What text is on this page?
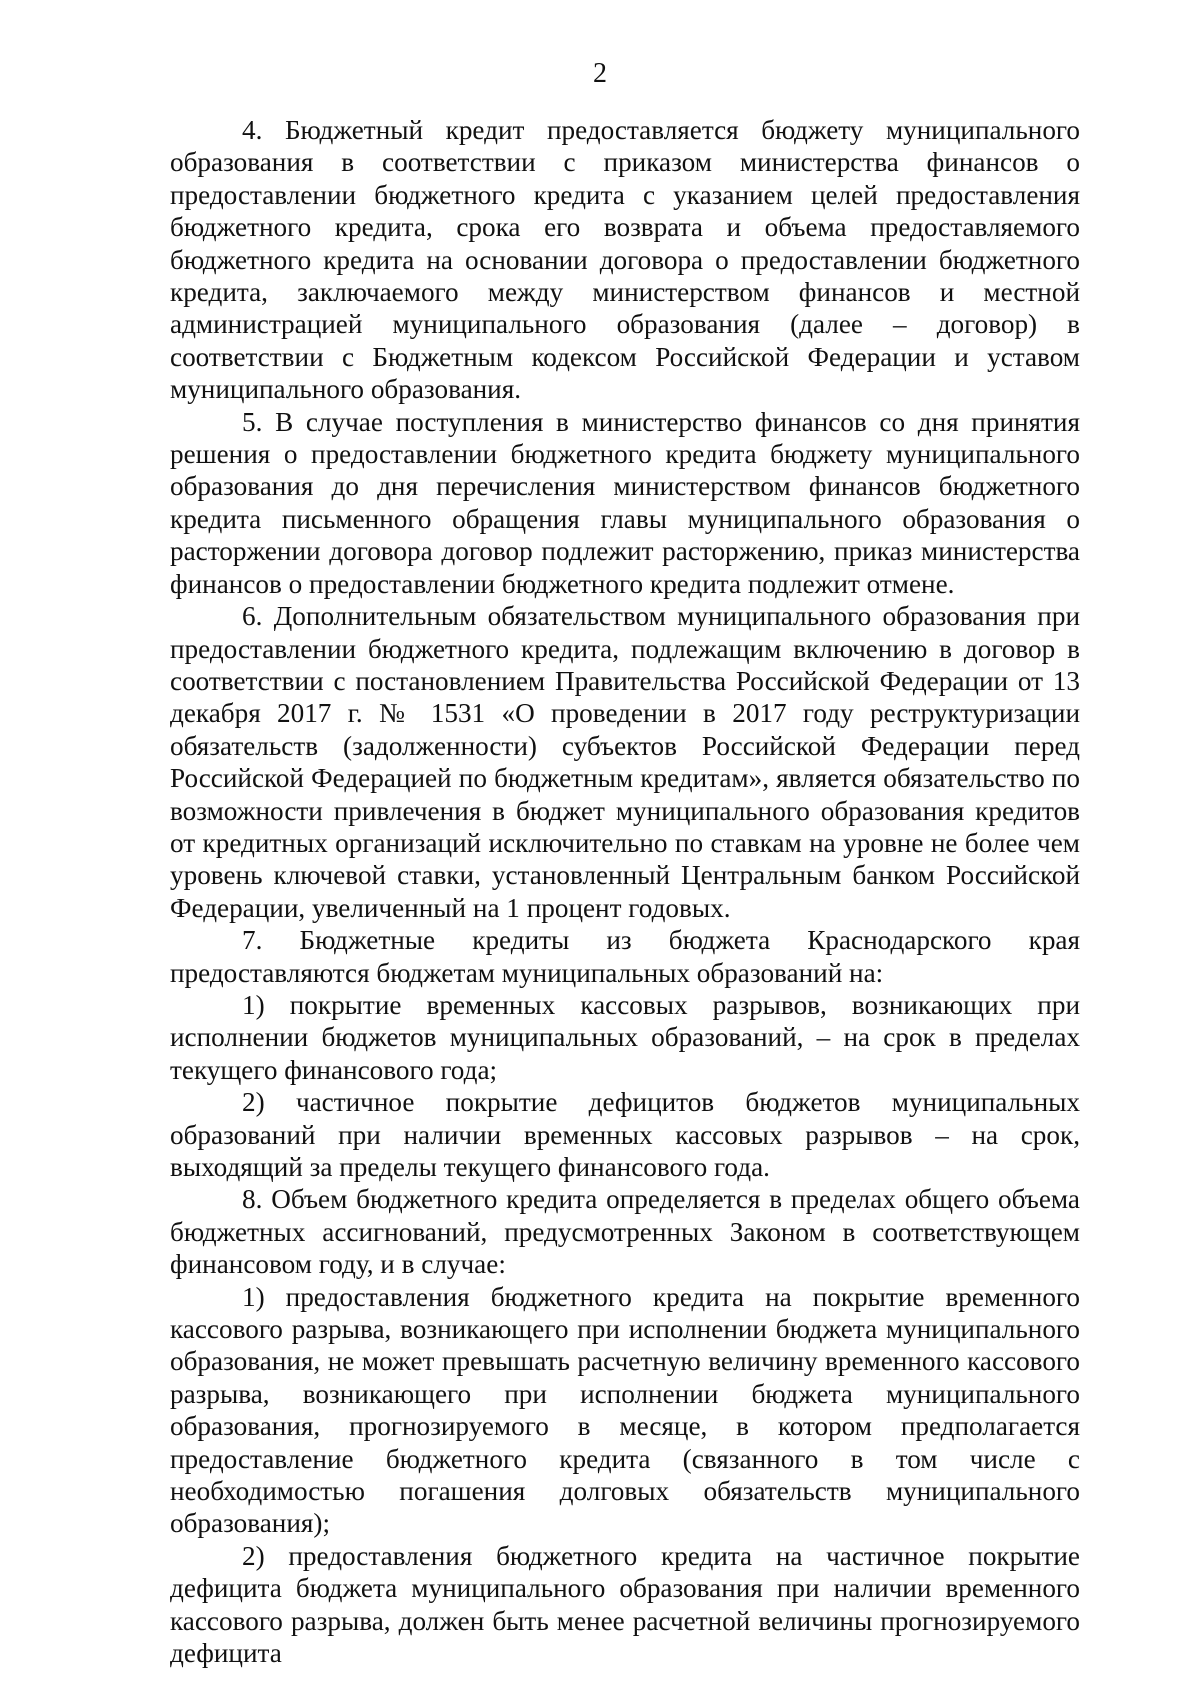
2

4. Бюджетный кредит предоставляется бюджету муниципального образования в соответствии с приказом министерства финансов о предоставлении бюджетного кредита с указанием целей предоставления бюджетного кредита, срока его возврата и объема предоставляемого бюджетного кредита на основании договора о предоставлении бюджетного кредита, заключаемого между министерством финансов и местной администрацией муниципального образования (далее – договор) в соответствии с Бюджетным кодексом Российской Федерации и уставом муниципального образования.

5. В случае поступления в министерство финансов со дня принятия решения о предоставлении бюджетного кредита бюджету муниципального образования до дня перечисления министерством финансов бюджетного кредита письменного обращения главы муниципального образования о расторжении договора договор подлежит расторжению, приказ министерства финансов о предоставлении бюджетного кредита подлежит отмене.

6. Дополнительным обязательством муниципального образования при предоставлении бюджетного кредита, подлежащим включению в договор в соответствии с постановлением Правительства Российской Федерации от 13 декабря 2017 г. № 1531 «О проведении в 2017 году реструктуризации обязательств (задолженности) субъектов Российской Федерации перед Российской Федерацией по бюджетным кредитам», является обязательство по возможности привлечения в бюджет муниципального образования кредитов от кредитных организаций исключительно по ставкам на уровне не более чем уровень ключевой ставки, установленный Центральным банком Российской Федерации, увеличенный на 1 процент годовых.

7. Бюджетные кредиты из бюджета Краснодарского края предоставляются бюджетам муниципальных образований на:

1) покрытие временных кассовых разрывов, возникающих при исполнении бюджетов муниципальных образований, – на срок в пределах текущего финансового года;

2) частичное покрытие дефицитов бюджетов муниципальных образований при наличии временных кассовых разрывов – на срок, выходящий за пределы текущего финансового года.

8. Объем бюджетного кредита определяется в пределах общего объема бюджетных ассигнований, предусмотренных Законом в соответствующем финансовом году, и в случае:

1) предоставления бюджетного кредита на покрытие временного кассового разрыва, возникающего при исполнении бюджета муниципального образования, не может превышать расчетную величину временного кассового разрыва, возникающего при исполнении бюджета муниципального образования, прогнозируемого в месяце, в котором предполагается предоставление бюджетного кредита (связанного в том числе с необходимостью погашения долговых обязательств муниципального образования);

2) предоставления бюджетного кредита на частичное покрытие дефицита бюджета муниципального образования при наличии временного кассового разрыва, должен быть менее расчетной величины прогнозируемого дефицита
